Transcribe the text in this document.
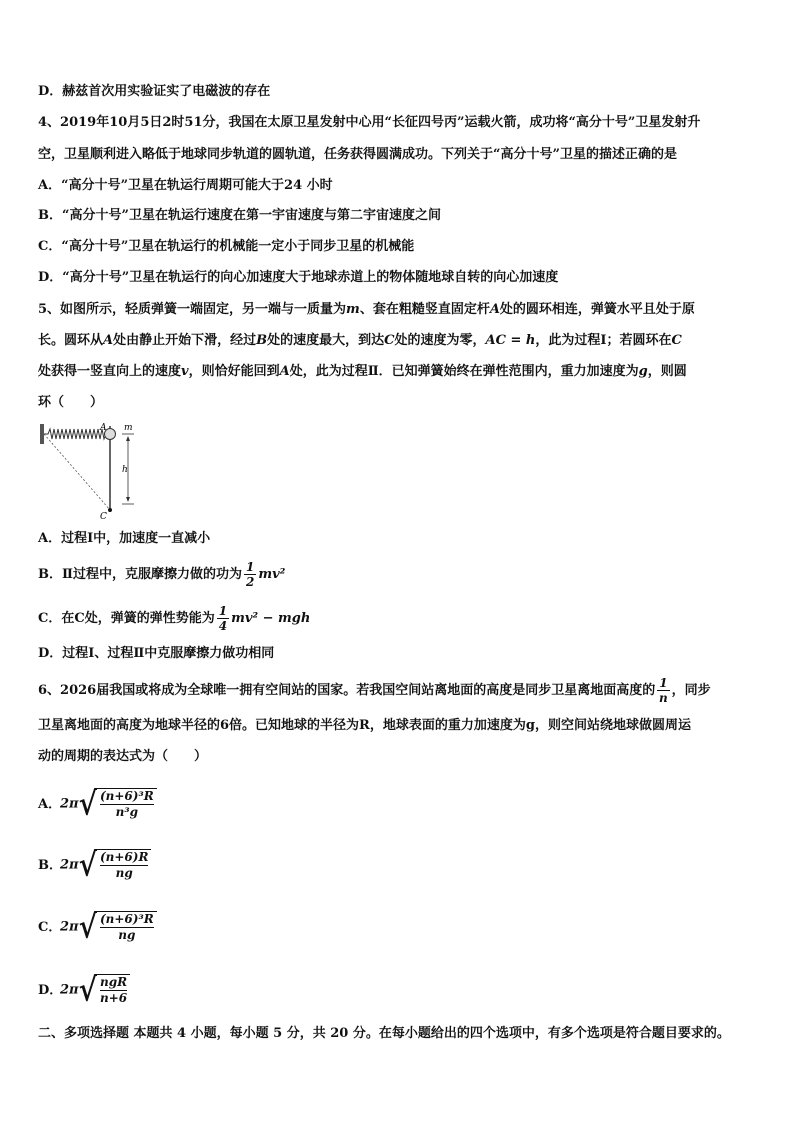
D．赫兹首次用实验证实了电磁波的存在
4、2019年10月5日2时51分，我国在太原卫星发射中心用“长征四号丙”运载火箭，成功将“高分十号”卫星发射升
空，卫星顺利进入略低于地球同步轨道的圆轨道，任务获得圆满成功。下列关于“高分十号”卫星的描述正确的是
A．“高分十号”卫星在轨运行周期可能大于24 小时
B．“高分十号”卫星在轨运行速度在第一宇宙速度与第二宇宙速度之间
C．“高分十号”卫星在轨运行的机械能一定小于同步卫星的机械能
D．“高分十号”卫星在轨运行的向心加速度大于地球赤道上的物体随地球自转的向心加速度
5、如图所示，轻质弹簧一端固定，另一端与一质量为m、套在粗糙竖直固定杆A处的圆环相连，弹簧水平且处于原
长。圆环从A处由静止开始下滑，经过B处的速度最大，到达C处的速度为零，AC = h，此为过程Ⅰ；若圆环在C
处获得一竖直向上的速度v，则恰好能回到A处，此为过程Ⅱ．已知弹簧始终在弹性范围内，重力加速度为g，则圆
环（　　）
A m
h
C
A．过程Ⅰ中，加速度一直减小
B．Ⅱ过程中，克服摩擦力做的功为 $\frac{1}{2} mv^2$
C．在C处，弹簧的弹性势能为 $\frac{1}{4} mv^2$ − mgh
D．过程Ⅰ、过程Ⅱ中克服摩擦力做功相同
6、2026届我国或将成为全球唯一拥有空间站的国家。若我国空间站离地面的高度是同步卫星离地面高度的 $\frac{1}{n}$ ，同步
卫星离地面的高度为地球半径的6倍。已知地球的半径为R，地球表面的重力加速度为g，则空间站绕地球做圆周运
动的周期的表达式为（　　）
A．$2\pi√ \frac{\text{(n+6)³R}}{\text{n³g}}$
B．$2\pi√ \frac{(n+6)R}{ng}$
C．$2\pi√ \frac{\text{(n+6)³R}}{ng}$
D．$2\pi√ \frac{\text{ngR}}{n+6}$
二、多项选择题 本题共 4 小题，每小题 5 分，共 20 分。在每小题给出的四个选项中，有多个选项是符合题目要求的。
